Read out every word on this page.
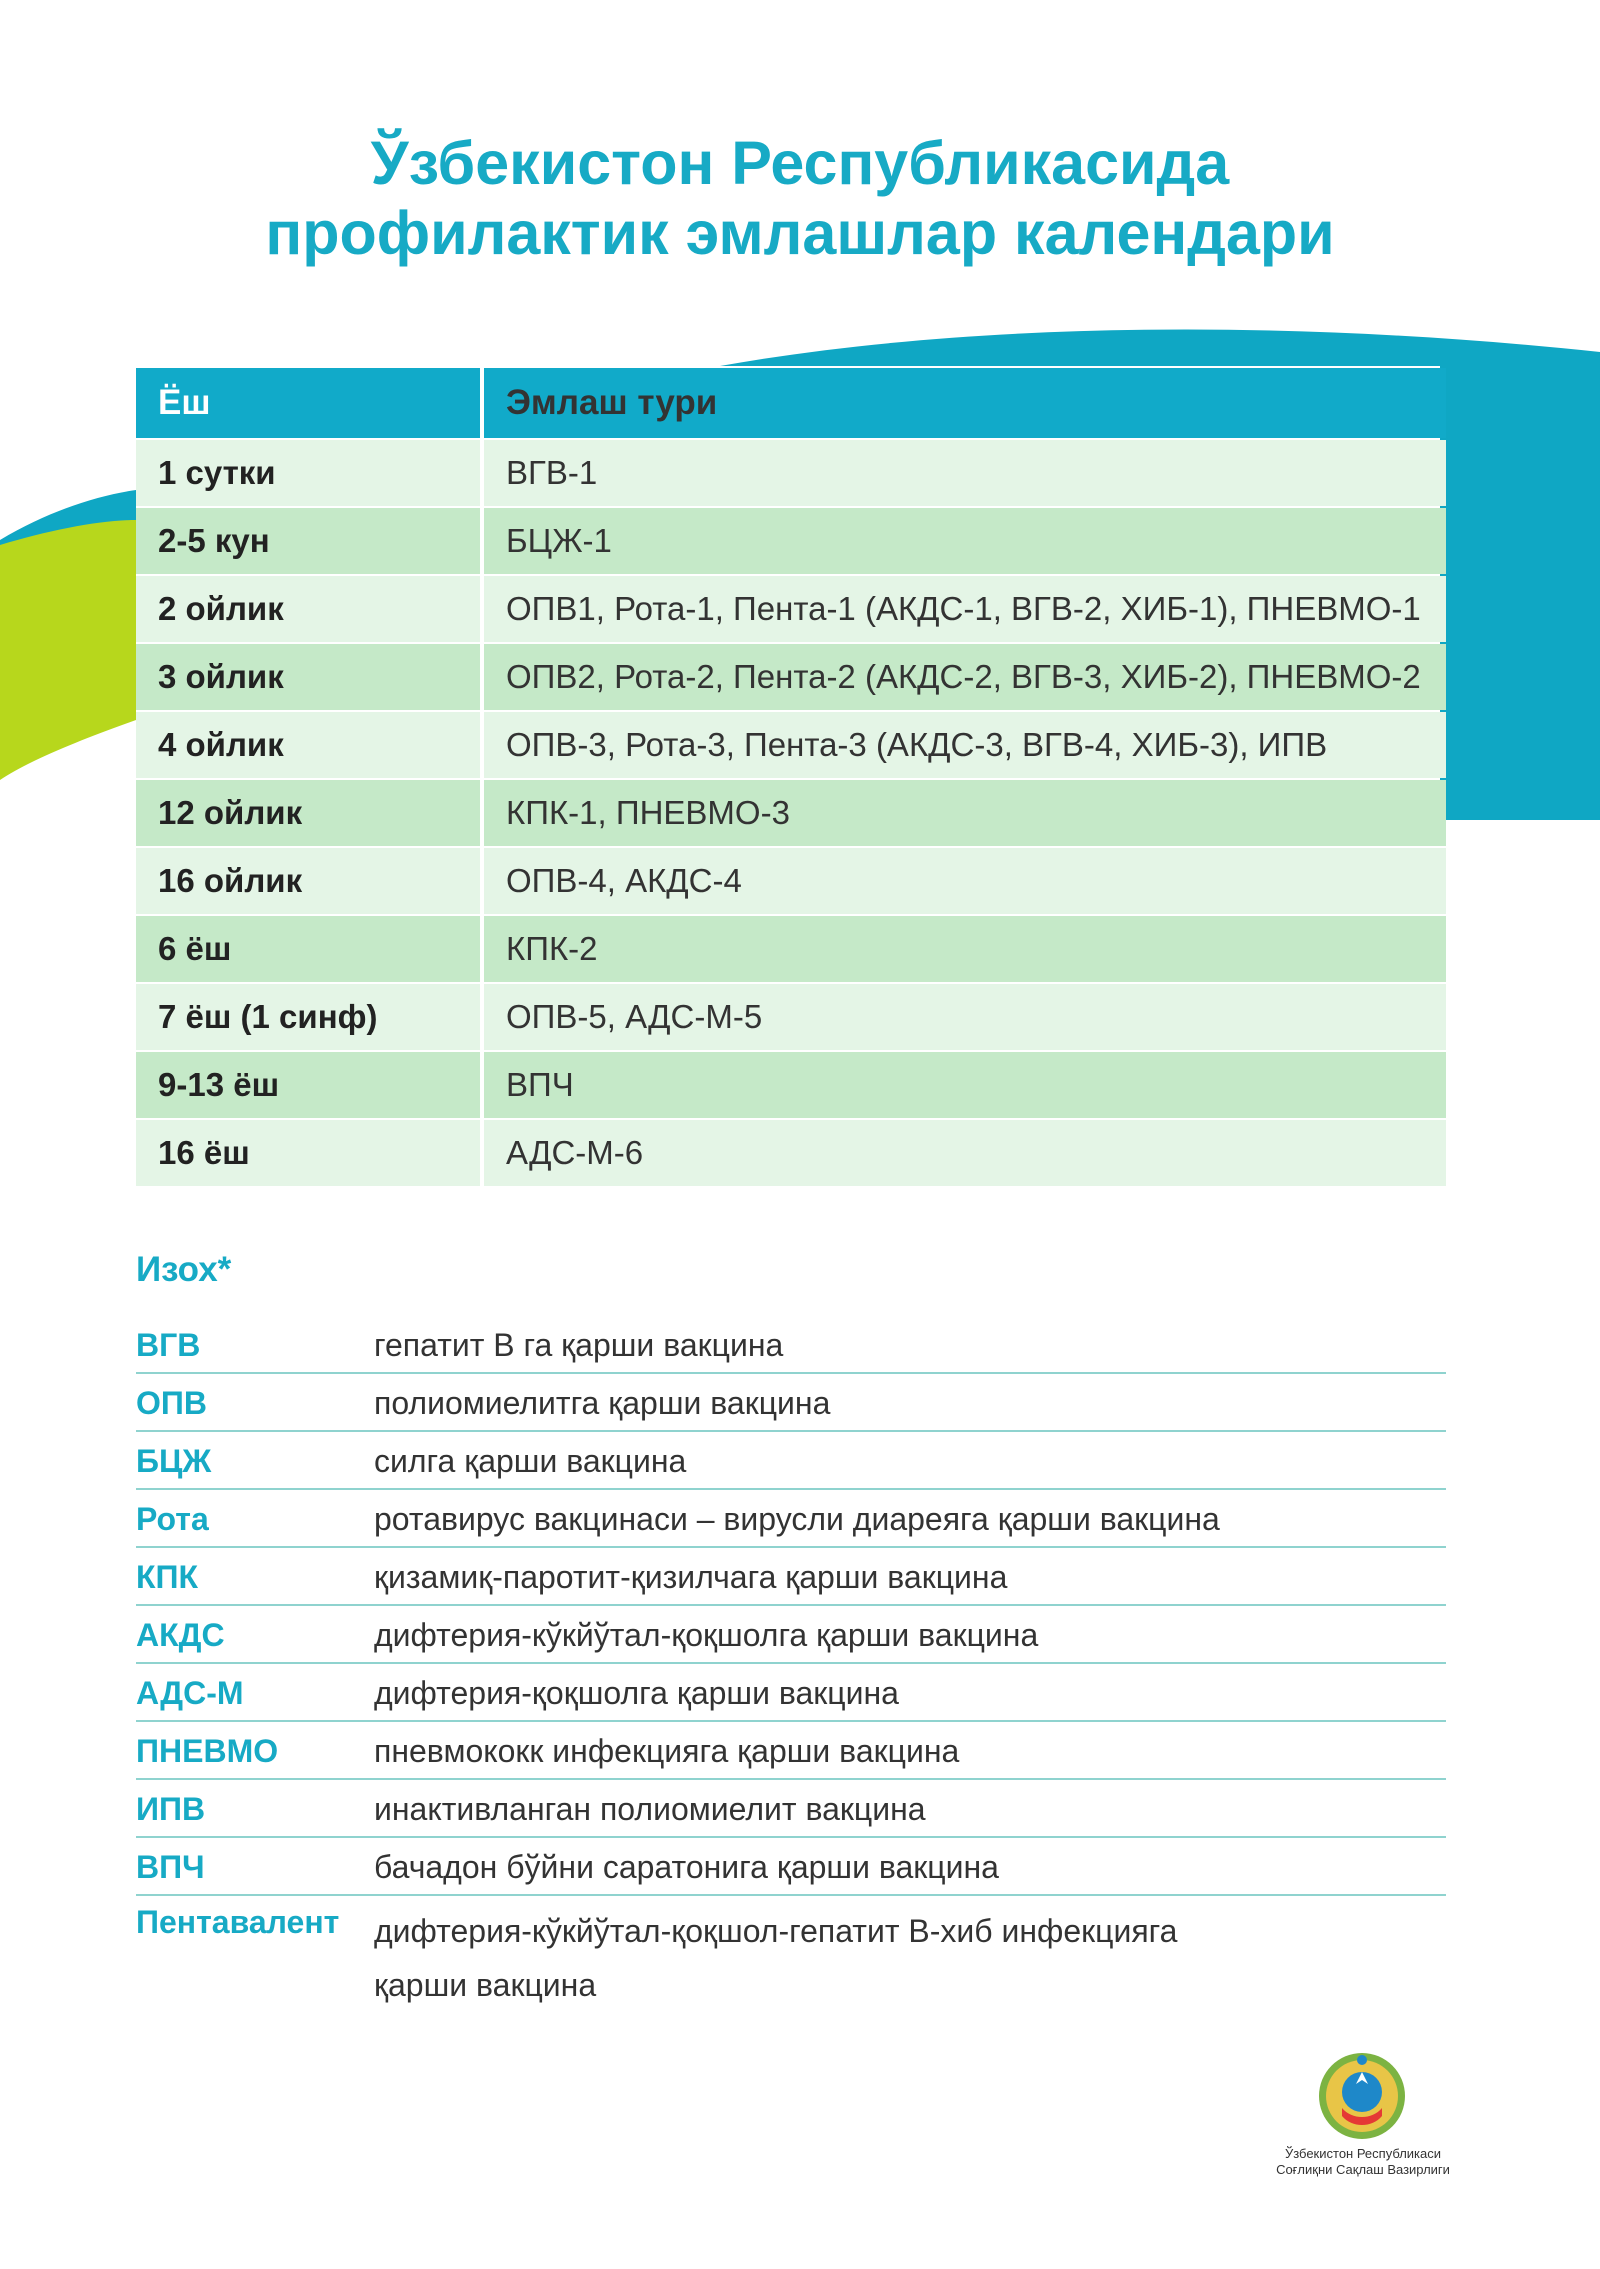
Ўзбекистон Республикасида
профилактик эмлашлар календари
Ёш	Эмлаш тури
1 сутки	ВГВ-1
2-5 кун	БЦЖ-1
2 ойлик	ОПВ1, Рота-1, Пента-1 (АКДС-1, ВГВ-2, ХИБ-1), ПНЕВМО-1
3 ойлик	ОПВ2, Рота-2, Пента-2 (АКДС-2, ВГВ-3, ХИБ-2), ПНЕВМО-2
4 ойлик	ОПВ-3, Рота-3, Пента-3 (АКДС-3, ВГВ-4, ХИБ-3), ИПВ
12 ойлик	КПК-1, ПНЕВМО-3
16 ойлик	ОПВ-4, АКДС-4
6 ёш	КПК-2
7 ёш (1 синф)	ОПВ-5, АДС-М-5
9-13 ёш	ВПЧ
16 ёш	АДС-М-6
Изох*
ВГВ	гепатит В га қарши вакцина
ОПВ	полиомиелитга қарши вакцина
БЦЖ	силга қарши вакцина
Рота	ротавирус вакцинаси – вирусли диареяга қарши вакцина
КПК	қизамиқ-паротит-қизилчага қарши вакцина
АКДС	дифтерия-кўкйўтал-қоқшолга қарши вакцина
АДС-М	дифтерия-қоқшолга қарши вакцина
ПНЕВМО	пневмококк инфекцияга қарши вакцина
ИПВ	инактивланган полиомиелит вакцина
ВПЧ	бачадон бўйни саратонига қарши вакцина
Пентавалент	дифтерия-кўкйўтал-қоқшол-гепатит В-хиб инфекцияга қарши вакцина
Ўзбекистон Республикаси
Соғлиқни Сақлаш Вазирлиги
